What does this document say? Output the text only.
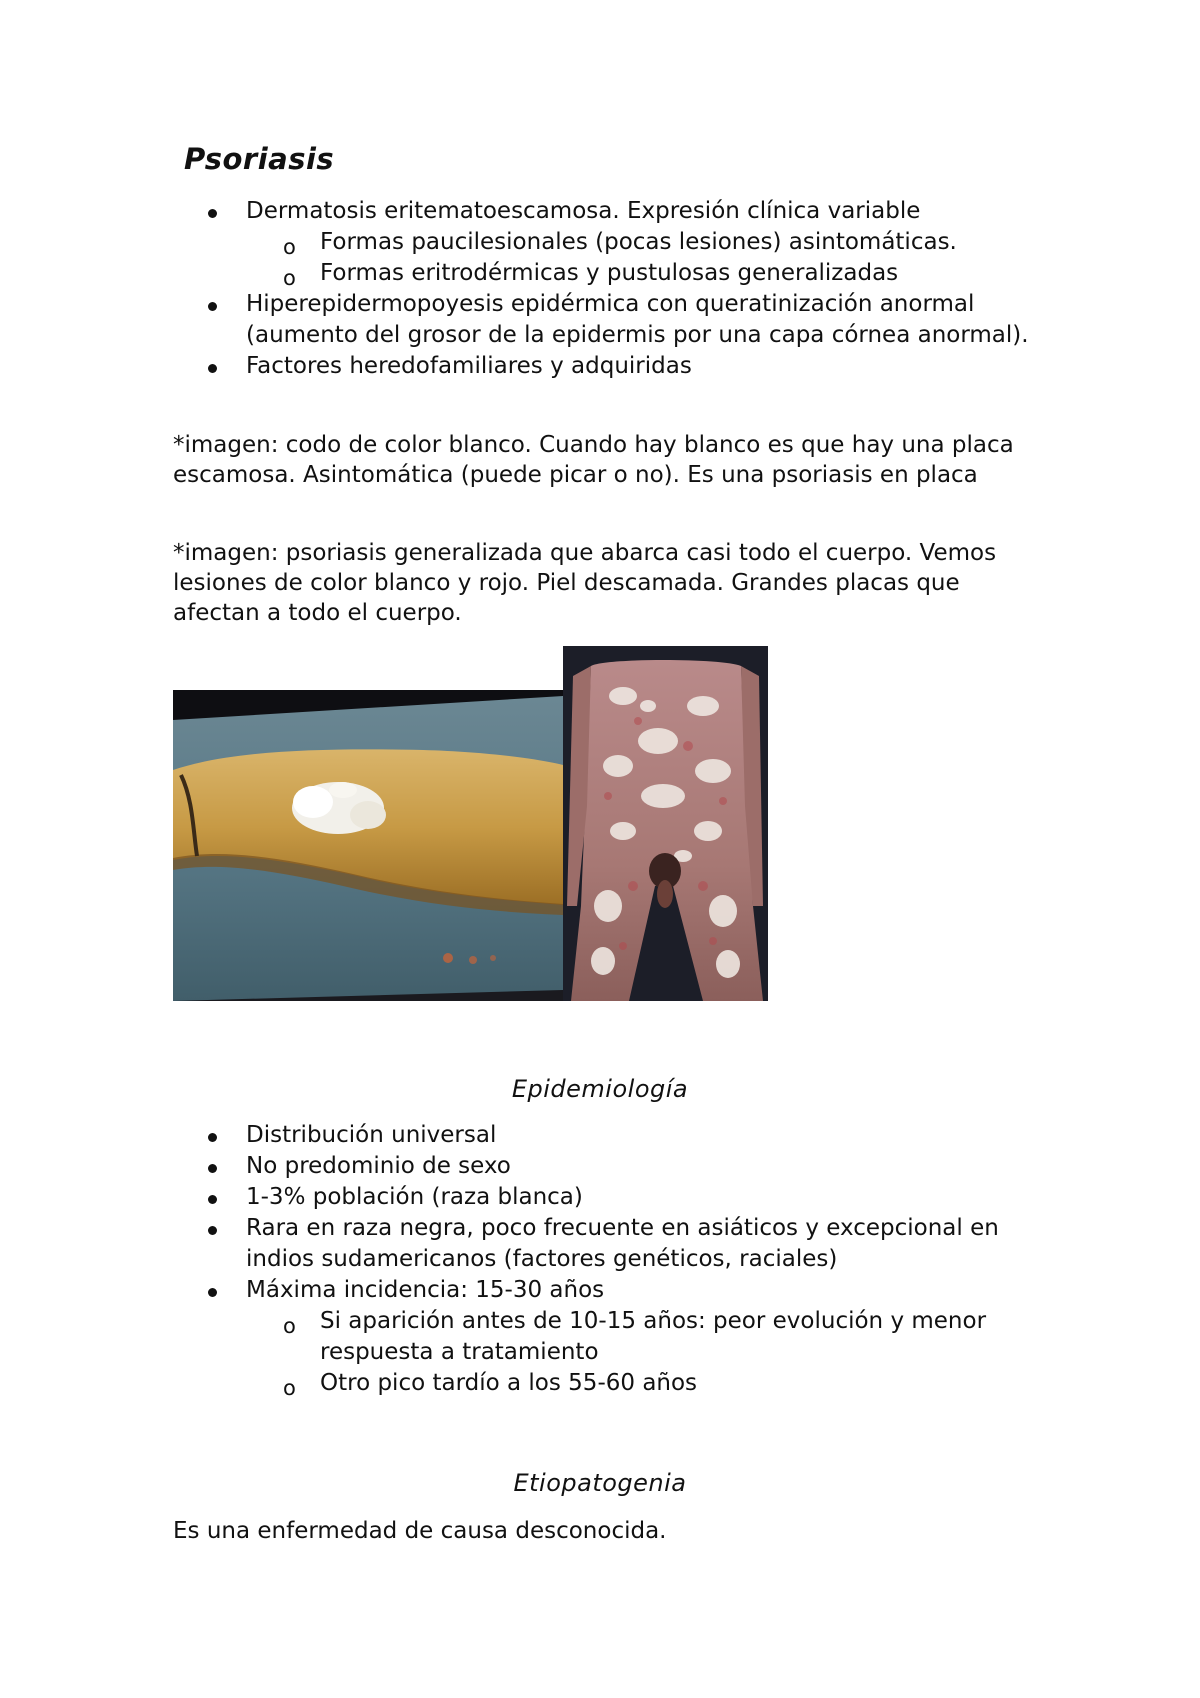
Psoriasis
Dermatosis eritematoescamosa. Expresión clínica variable
o Formas paucilesionales (pocas lesiones) asintomáticas.
o Formas eritrodérmicas y pustulosas generalizadas
Hiperepidermopoyesis epidérmica con queratinización anormal (aumento del grosor de la epidermis por una capa córnea anormal).
Factores heredofamiliares y adquiridas

*imagen: codo de color blanco. Cuando hay blanco es que hay una placa escamosa. Asintomática (puede picar o no). Es una psoriasis en placa

*imagen: psoriasis generalizada que abarca casi todo el cuerpo. Vemos lesiones de color blanco y rojo. Piel descamada. Grandes placas que afectan a todo el cuerpo.

Epidemiología
Distribución universal
No predominio de sexo
1-3% población (raza blanca)
Rara en raza negra, poco frecuente en asiáticos y excepcional en indios sudamericanos (factores genéticos, raciales)
Máxima incidencia: 15-30 años
o Si aparición antes de 10-15 años: peor evolución y menor respuesta a tratamiento
o Otro pico tardío a los 55-60 años
Etiopatogenia

Es una enfermedad de causa desconocida.
